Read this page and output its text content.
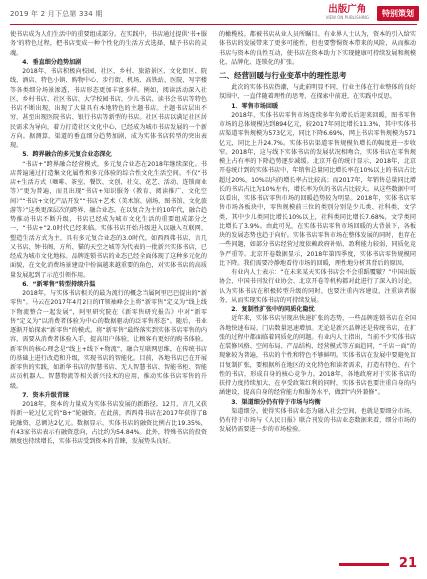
2019 年 2 月下总第 334 期	出版广角
VIEW ON PUBLISHING	特别策划

使书店成为人们生活中的重要组成部分。在实践中，书店通过提供‘书+服务’的特色过程，把书店变成一种个性化的生活方式选择，赋予书店的灵魂。

4．垂直细分趋势加剧

2018年，书店积极向校园、社区、乡村、旅游景区、文化街区、院线、酒店、特色小镇、购物中心、步行街、机场、高铁站、医院、写字楼等各类细分场景渗透，书店形态更加丰富多样。例如，阅读活动深入社区，乡村书店、社区书店、大学校园书店、少儿书店、读书会书店等特色书店不断出现，出现了大量具有本地特色的主题书店。主题书店层出不穷，甚至出现医院书店、银行书店等新型的书店。社区书店以满足社区居民需求为导向，着力打造社区文化中心，已经成为城市书店发展的一个新方向。据测算，渠道的垂直细分趋势加剧，成为实体书店转型的突出表现。

5．跨界融合的多元复合业态深化

“书店+”跨界融合经营模式，多元复合业态在2018年继续深化。书店普遍通过打造集文化属性和多元体验的综合性文化生活空间。不仅“书店+生活方式（咖啡、茶室、餐饮、文创、社交、花艺、活动、连锁商业等）”更为普遍，而且出现“书店+知识服务（教育、阅读推广、文化空间）”“书店+文化产品开发”“书店+艺术（美术馆、剧场、图书馆、文化旅游等）”这类更深层次的跨界、融合业态。在以复合为主的10年代，融合趋势推动书店不断升级，书店已经成为城市文化生活的重要组成部分之一，“书店+”2.0时代已经来临。实体书店开始升级进入以融入互联网、塑造生活方式为主，具有多元复合业态的3.0时代。如西西弗书店、言几又书店、钟书阁、方所、猫的天空之城等为代表的一批新兴实体书店，已经成为城市文化地标。品牌连锁书店的业态已经全面体现了这种多元化的面貌，在文化消费场景建设中扮演越来越重要的角色，对实体书店的高质量发展起到了示范引领作用。

6．“新零售”转型持续升温

2018年，与实体书店相关的最为流行的概念当属阿里巴巴提出的“新零售”。马云在2017年4月2日的IT领袖峰会上将“新零售”定义为“线上线下物流整合一起发展”，阿里研究院在《新零售研究报告》中对“新零售”定义为“以消费者体验为中心的数据驱动的泛零售形态”。随后，书业逐渐开始探索“新零售”的模式。将“新零售”最终落实到实体书店零售的内容，需要从消费者体验入手，提高用户体验，让顾客有更好的购书体验。新零售的核心理念是“线上+线下+物流”，融合互联网思维，在传统书店的基础上进行改造和升级，实现书店的智能化。目前，各地书店已在开展新零售的实践，如新华书店的智慧书店、无人智慧书店、智能书柜、智能店员机器人、智慧物流等相关新兴技术的应用，推动实体书店零售的升级。

7．资本升级青睐

2018年，资本的力量成为实体书店发展的新路径。12月，言几又获得新一轮过亿元的“B+”轮融资。在此前，西西弗书店在2017年获得了B轮融资，总额达2亿元。数据显示，实体书店的融资比例占比19.35%，有43家书店表示有融资意向，占比约为54.84%。此外，特殊书店的投资额度也持续增长，实体书店受到资本的青睐，发展势头良好。

的橄榄枝。都被书店从业人员所瞩目。有业界人士认为，资本的引入给实体书店的发展带来了更多可能性，但也要警惕资本带来的风险，从而推动书店与资本的良性互动，使书店在资本助力下实现健康可持续发展和规模化、品牌化、连锁化的扩张。

二、经营回暖与行业变革中的理性思考

此次的实体书店热潮，与此前明显不同，行业主体在行业整体的良好氛围中，一直伴随着理性的思考，在探索中前进，在实践中反思。

1．零售市场回暖

2018年，实体书店零售市场连续多年负增长后迎来回暖，图书零售市场的总体规模达到894亿元，较2017年同比增长11.3%，其中实体书店渠道零售规模为573亿元，同比下降6.69%，网上书店零售规模为571亿元，同比上升24.7%。实体书店渠道零售规模负增长的幅度进一步收窄。2018年，这与线下实体书店的发展状况相吻合，实体书店在零售规模上占有率的下降趋势逐步减缓。北京开卷的统计显示，2018年，北京开卷统计到的实体书店中，年销售总量同比增长率在10%以上的书店占比超过20%，10%以内的增长率占比较高；而2017年，年销售总量同比增长的书店占比为10%左右，增长率为负的书店占比较大。从这些数据中可以看出，实体书店零售市场的回暖趋势较为明显。2018年，实体书店零售市场各板块中，零售规模前三位的类别分别是少儿类、社科类、文学类，其中少儿类同比增长10%以上，社科类同比增长7.68%，文学类同比增长了3.9%。由此可见，在实体书店零售市场回暖的大背景下，各板块的发展态势也趋于向好。实体书店零售市场在整体发展的同时，也存在一些问题，如部分书店经营过度依赖政府补贴，盈利能力较弱，同质化竞争严重等。北京开卷数据显示，2018年第四季度，实体书店零售规模同比下降。我们需要冷静地看待市场的回暖，理性地分析其背后的原因。

有业内人士表示：“在未来某天实体书店会不会重蹈覆辙？”中国出版协会、中国书刊发行业协会、北京开卷等机构都对此进行了深入的讨论，认为实体书店在积极转型升级的同时，也要注重内容建设，注重读者服务，从而实现实体书店的可持续发展。

2．复制性扩张中的同质化隐忧

近年来，实体书店呈现出快速扩张的态势，一些品牌连锁书店在全国各地快速布局，门店数量迅速增加。无论是新兴品牌还是传统书店，在扩张的过程中都面临着同质化的问题。有业内人士指出，当前不少实体书店在装修风格、空间布局、产品结构、经营模式等方面趋同，“千店一面”的现象较为普遍，书店的个性和特色不够鲜明。实体书店在发展中要避免盲目复制扩张，要根据所在地区的文化特色和读者需求，打造有特色、有个性的书店，形成自身的核心竞争力。2018年，各地政府对于实体书店的扶持力度持续加大，在享受政策红利的同时，实体书店也要注重自身的内涵建设，提高自身的经营能力和服务水平，做到“内外兼修”。

3．渠道细分仍有待于市场与均衡

渠道细分、使得实体书店业态为融入社会空间，也就是要细分市场，仍有待于市场与《人民日报》联合刊发的书店业态数据来看，细分市场的发展仍需要进一步的市场检验。

21
